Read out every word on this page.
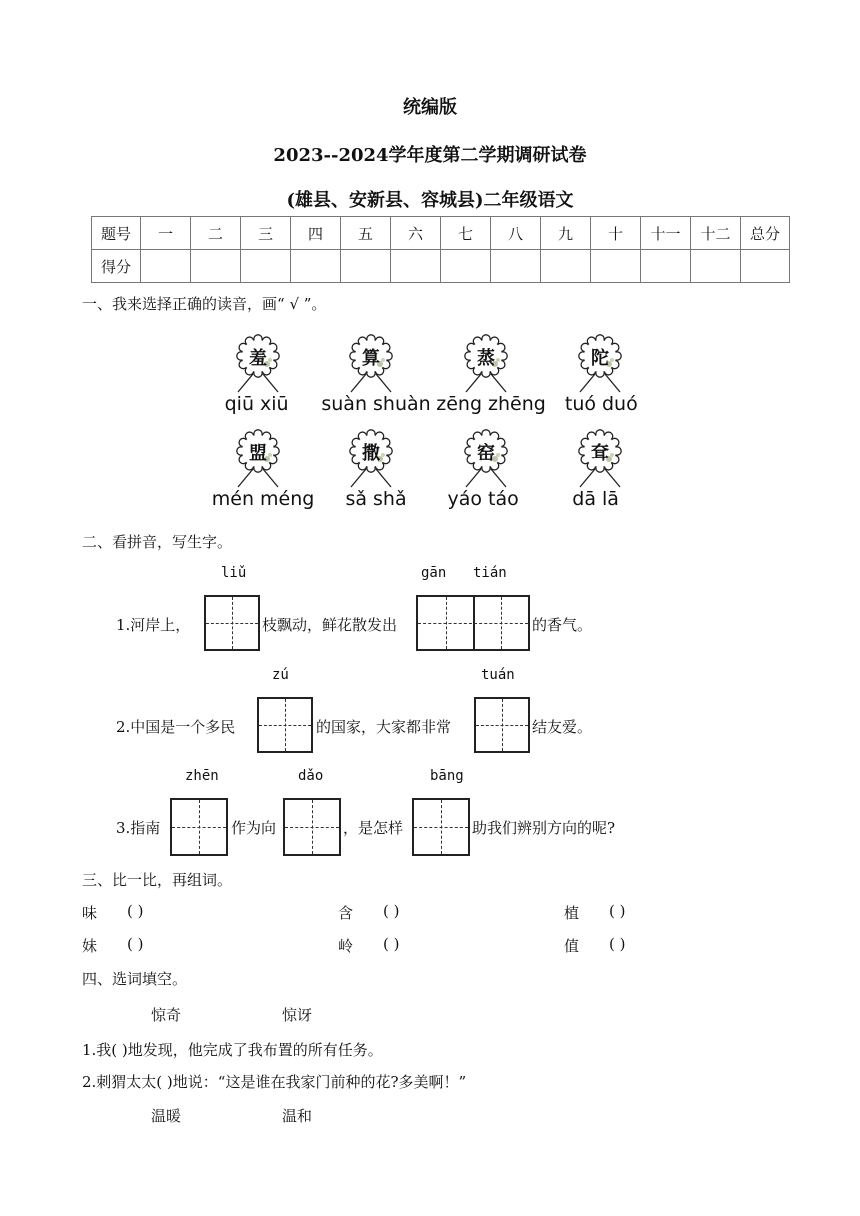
统编版
2023--2024学年度第二学期调研试卷
(雄县、安新县、容城县)二年级语文
题号	一	二	三	四	五	六	七	八	九	十	十一	十二	总分
得分													
一、我来选择正确的读音，画“ √ ”。
羞
qiū xiū
算
suàn shuàn
蒸
zēng zhēng
陀
tuó duó
盟
mén méng
撒
sǎ shǎ
窑
yáo táo
耷
dā lā
二、看拼音，写生字。
liǔ	gān tián
1.河岸上，	枝飘动，鲜花散发出	的香气。
zú	tuán
2.中国是一个多民	的国家，大家都非常	结友爱。
zhēn	dǎo	bāng
3.指南	作为向	，是怎样	助我们辨别方向的呢?
三、比一比，再组词。
味 ( )	含 ( )	植 ( )
妹 ( )	岭 ( )	值 ( )
四、选词填空。
惊奇	惊讶
1.我( )地发现，他完成了我布置的所有任务。
2.刺猬太太( )地说：“这是谁在我家门前种的花?多美啊！”
温暖	温和
